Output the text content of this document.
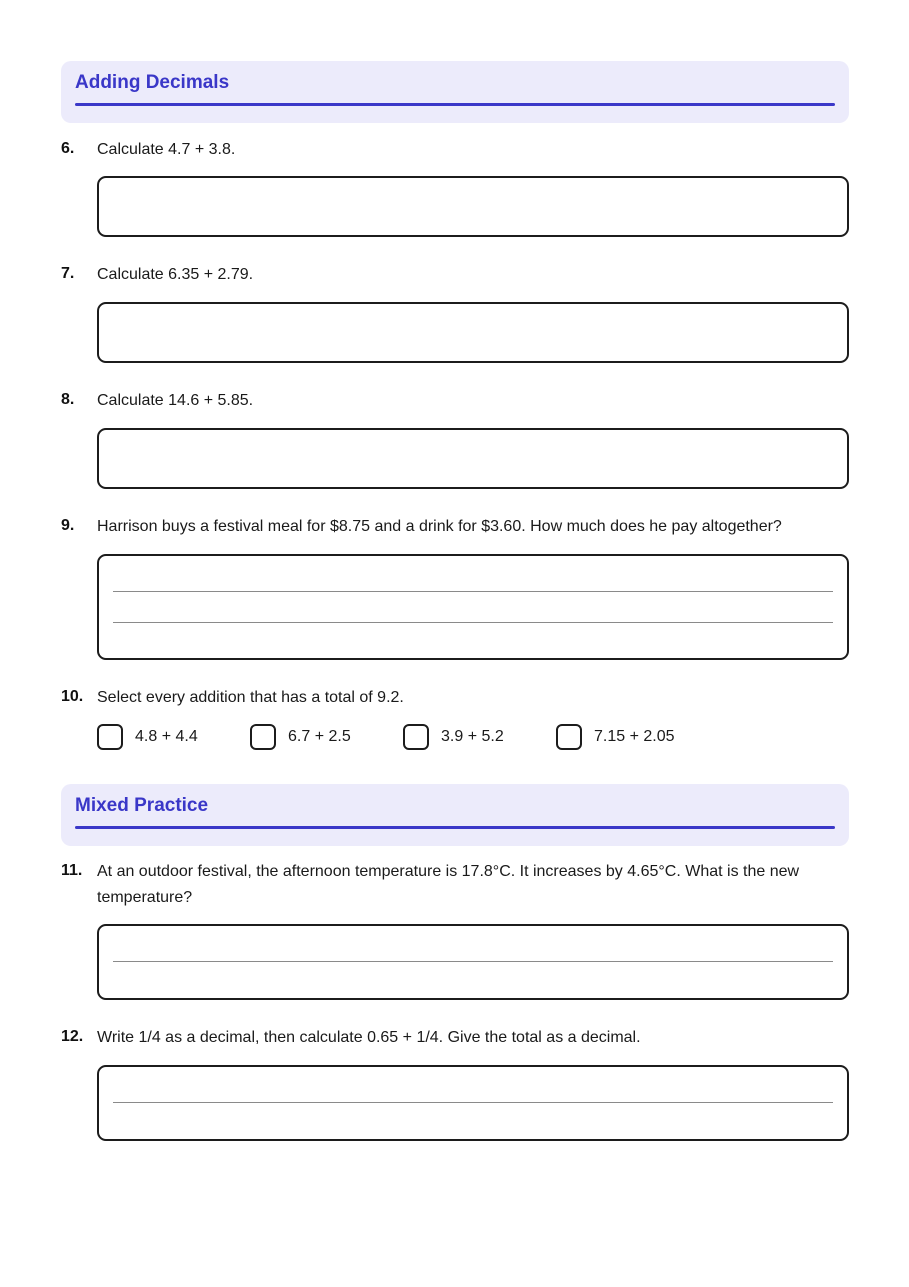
Adding Decimals
6. Calculate 4.7 + 3.8.
7. Calculate 6.35 + 2.79.
8. Calculate 14.6 + 5.85.
9. Harrison buys a festival meal for $8.75 and a drink for $3.60. How much does he pay altogether?
10. Select every addition that has a total of 9.2.
4.8 + 4.4	6.7 + 2.5	3.9 + 5.2	7.15 + 2.05
Mixed Practice
11. At an outdoor festival, the afternoon temperature is 17.8°C. It increases by 4.65°C. What is the new temperature?
12. Write 1/4 as a decimal, then calculate 0.65 + 1/4. Give the total as a decimal.
